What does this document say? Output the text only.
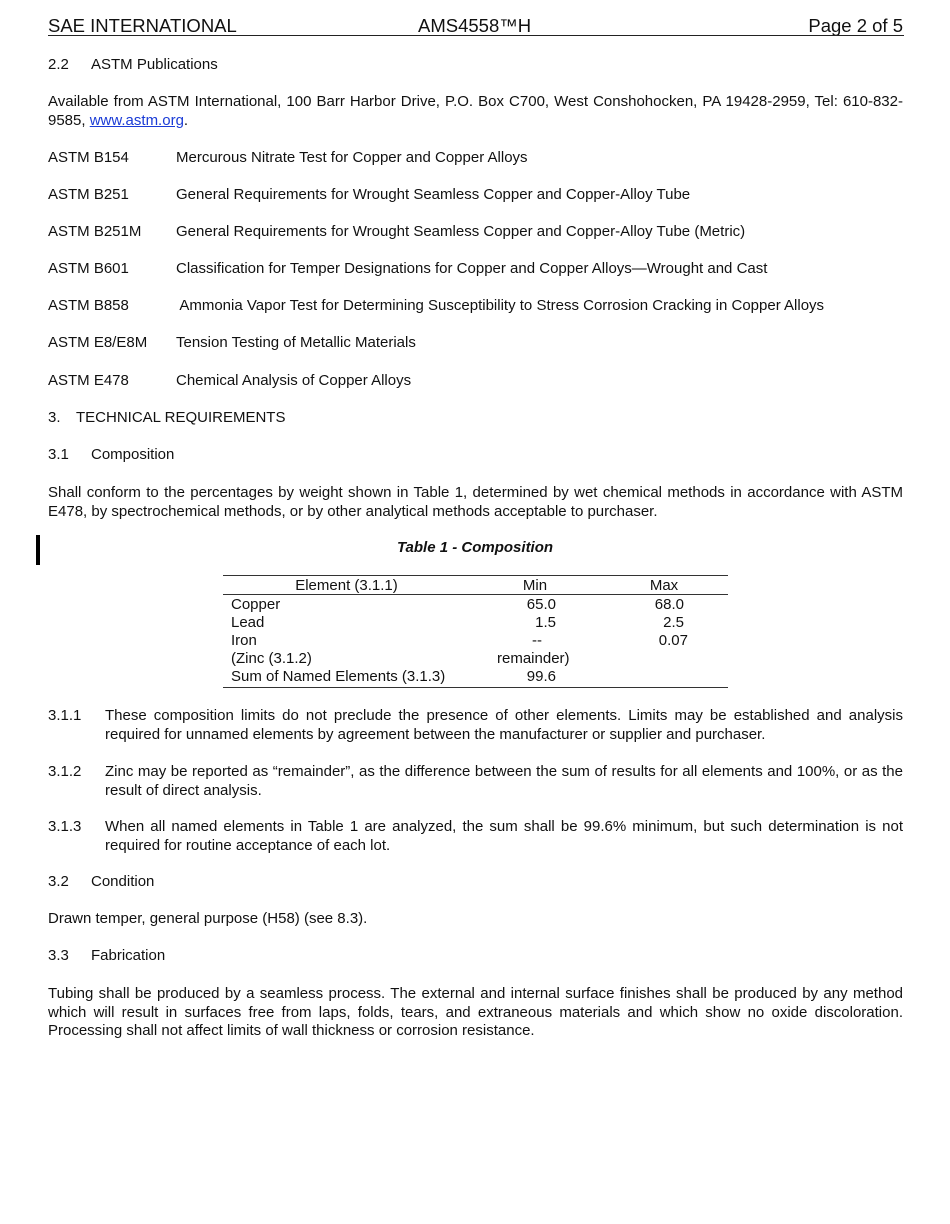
SAE INTERNATIONAL	AMS4558™H	Page 2 of 5
2.2 ASTM Publications
Available from ASTM International, 100 Barr Harbor Drive, P.O. Box C700, West Conshohocken, PA 19428-2959, Tel: 610-832-9585, www.astm.org.
ASTM B154	Mercurous Nitrate Test for Copper and Copper Alloys
ASTM B251	General Requirements for Wrought Seamless Copper and Copper-Alloy Tube
ASTM B251M General Requirements for Wrought Seamless Copper and Copper-Alloy Tube (Metric)
ASTM B601	Classification for Temper Designations for Copper and Copper Alloys—Wrought and Cast
ASTM B858	Ammonia Vapor Test for Determining Susceptibility to Stress Corrosion Cracking in Copper Alloys
ASTM E8/E8M Tension Testing of Metallic Materials
ASTM E478	Chemical Analysis of Copper Alloys
3. TECHNICAL REQUIREMENTS
3.1 Composition
Shall conform to the percentages by weight shown in Table 1, determined by wet chemical methods in accordance with ASTM E478, by spectrochemical methods, or by other analytical methods acceptable to purchaser.
Table 1 - Composition
Element (3.1.1)	Min	Max
Copper	65.0	68.0
Lead	1.5	2.5
Iron	--	0.07
(Zinc (3.1.2)	remainder)
Sum of Named Elements (3.1.3)	99.6
3.1.1 These composition limits do not preclude the presence of other elements. Limits may be established and analysis required for unnamed elements by agreement between the manufacturer or supplier and purchaser.
3.1.2 Zinc may be reported as “remainder”, as the difference between the sum of results for all elements and 100%, or as the result of direct analysis.
3.1.3 When all named elements in Table 1 are analyzed, the sum shall be 99.6% minimum, but such determination is not required for routine acceptance of each lot.
3.2 Condition
Drawn temper, general purpose (H58) (see 8.3).
3.3 Fabrication
Tubing shall be produced by a seamless process. The external and internal surface finishes shall be produced by any method which will result in surfaces free from laps, folds, tears, and extraneous materials and which show no oxide discoloration. Processing shall not affect limits of wall thickness or corrosion resistance.
